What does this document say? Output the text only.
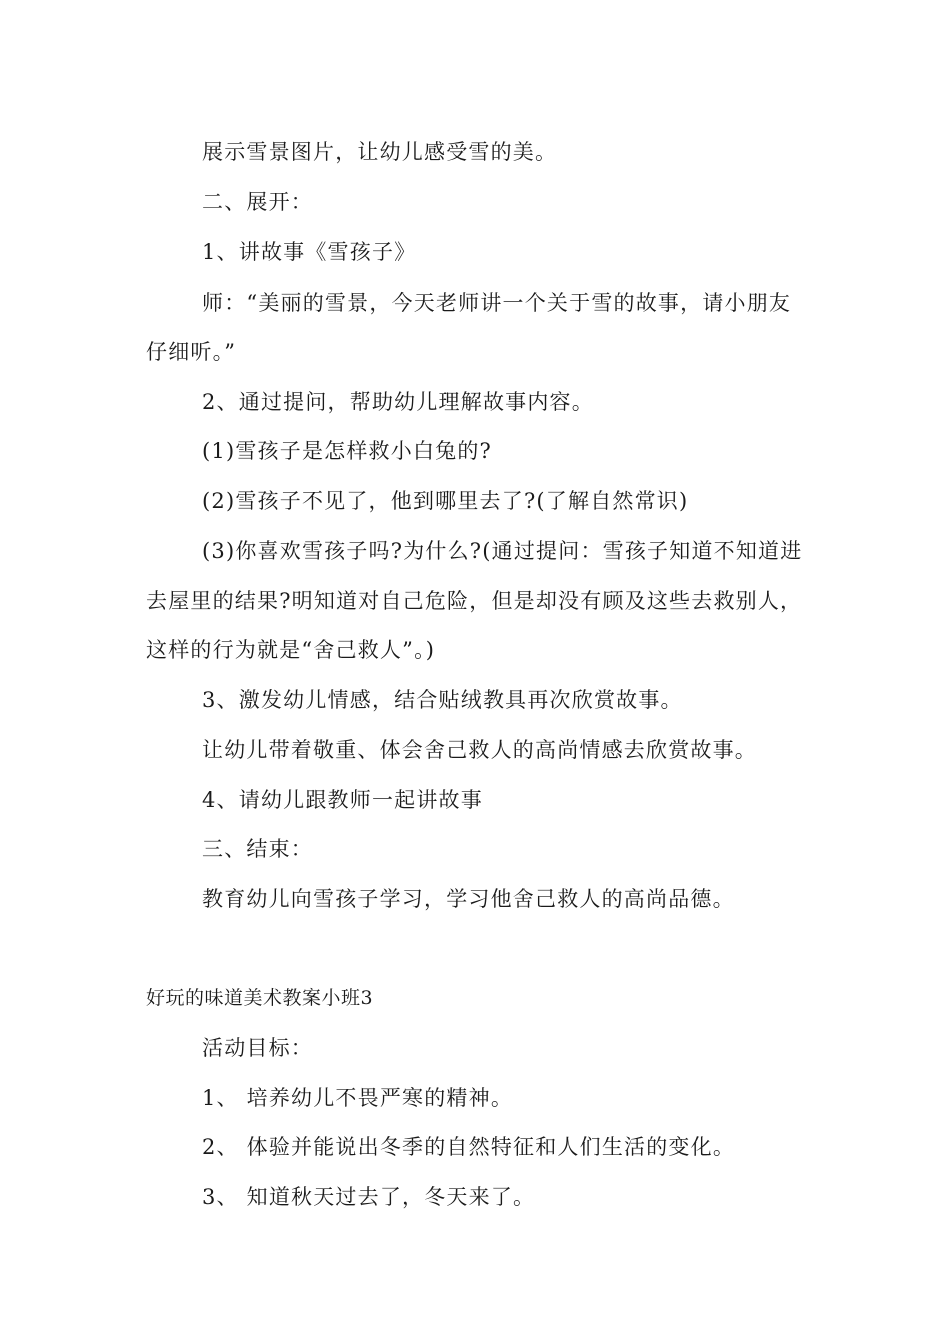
展示雪景图片，让幼儿感受雪的美。
二、展开：
1、讲故事《雪孩子》
师：“美丽的雪景，今天老师讲一个关于雪的故事，请小朋友
仔细听。”
2、通过提问，帮助幼儿理解故事内容。
(1)雪孩子是怎样救小白兔的?
(2)雪孩子不见了，他到哪里去了?(了解自然常识)
(3)你喜欢雪孩子吗?为什么?(通过提问：雪孩子知道不知道进
去屋里的结果?明知道对自己危险，但是却没有顾及这些去救别人，
这样的行为就是“舍己救人”。)
3、激发幼儿情感，结合贴绒教具再次欣赏故事。
让幼儿带着敬重、体会舍己救人的高尚情感去欣赏故事。
4、请幼儿跟教师一起讲故事
三、结束：
教育幼儿向雪孩子学习，学习他舍己救人的高尚品德。
好玩的味道美术教案小班3
活动目标：
1、 培养幼儿不畏严寒的精神。
2、 体验并能说出冬季的自然特征和人们生活的变化。
3、 知道秋天过去了，冬天来了。
